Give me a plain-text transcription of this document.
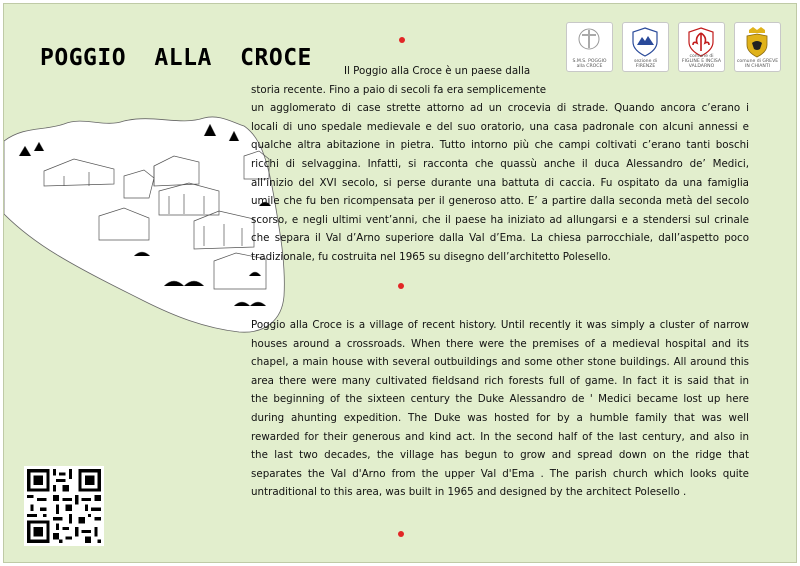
POGGIO ALLA CROCE	Il Poggio alla Croce è un paese dalla
storia recente. Fino a paio di secoli fa era semplicemente
un agglomerato di case strette attorno ad un crocevia di strade. Quando ancora c’erano i
locali di uno spedale medievale e del suo oratorio, una casa padronale con alcuni annessi e
qualche altra abitazione in pietra. Tutto intorno più che campi coltivati c’erano tanti boschi
ricchi di selvaggina. Infatti, si racconta che quassù anche il duca Alessandro de’ Medici,
all’inizio del XVI secolo, si perse durante una battuta di caccia. Fu ospitato da una famiglia
umile che fu ben ricompensata per il generoso atto. E’ a partire dalla seconda metà del secolo
scorso, e negli ultimi vent’anni, che il paese ha iniziato ad allungarsi e a stendersi sul crinale
che separa il Val d’Arno superiore dalla Val d’Ema. La chiesa parrocchiale, dall’aspetto poco
tradizionale, fu costruita nel 1965 su disegno dell’architetto Polesello.
Poggio alla Croce is a village of recent history. Until recently it was simply a cluster of narrow
houses around a crossroads. When there were the premises of a medieval hospital and its
chapel, a main house with several outbuildings and some other stone buildings. All around this
area there were many cultivated fieldsand rich forests full of game. In fact it is said that in
the beginning of the sixteen century the Duke Alessandro de ' Medici became lost up here
during ahunting expedition. The Duke was hosted for by a humble family that was well
rewarded for their generous and kind act. In the second half of the last century, and also in
the last two decades, the village has begun to grow and spread down on the ridge that
separates the Val d'Arno from the upper Val d'Ema . The parish church which looks quite
untraditional to this area, was built in 1965 and designed by the architect Polesello .
S.M.S. POGGIO alla CROCE
sezione di FIRENZE
comune di FIGLINE E INCISA VALDARNO
comune di GREVE IN CHIANTI
